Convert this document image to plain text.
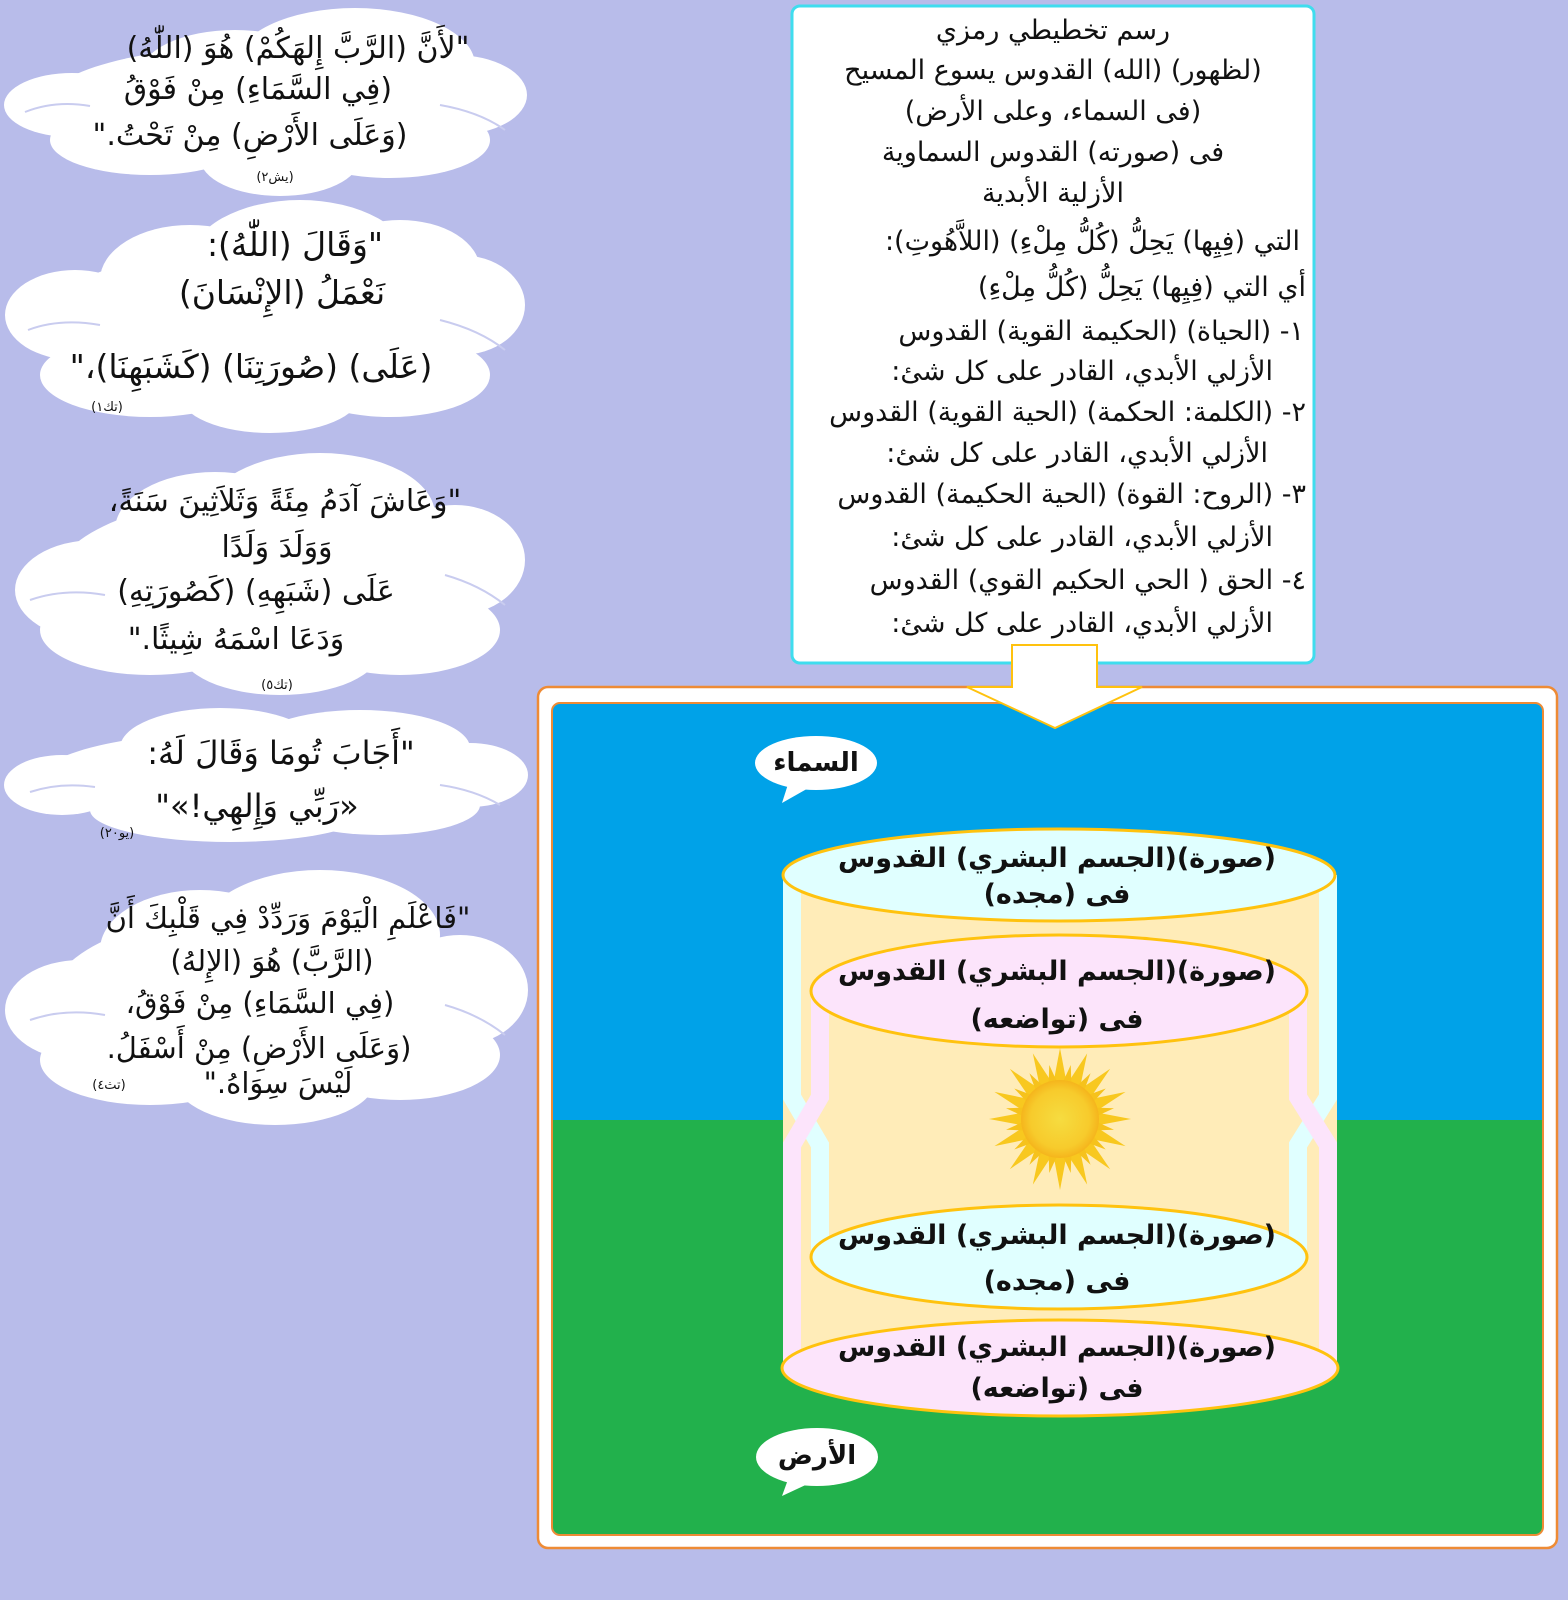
"لأَنَّ (الرَّبَّ إِلهَكُمْ) هُوَ (اللّٰهُ)
(فِي السَّمَاءِ) مِنْ فَوْقُ
(وَعَلَى الأَرْضِ) مِنْ تَحْتُ."
(يش٢)
"وَقَالَ (اللّٰهُ):
نَعْمَلُ (الإِنْسَانَ)
(عَلَى) (صُورَتِنَا) (كَشَبَهِنَا)،"
(تك١)
"وَعَاشَ آدَمُ مِئَةً وَثَلاَثِينَ سَنَةً،
وَوَلَدَ وَلَدًا
عَلَى (شَبَهِهِ) (كَصُورَتِهِ)
وَدَعَا اسْمَهُ شِيثًا."
(تك٥)
"أَجَابَ تُومَا وَقَالَ لَهُ:
«رَبِّي وَإِلهِي!»"
(يو٢٠)
"فَاعْلَمِ الْيَوْمَ وَرَدِّدْ فِي قَلْبِكَ أَنَّ
(الرَّبَّ) هُوَ (الإِلهُ)
(فِي السَّمَاءِ) مِنْ فَوْقُ،
(وَعَلَى الأَرْضِ) مِنْ أَسْفَلُ.
لَيْسَ سِوَاهُ."
(تث٤)
رسم تخطيطي رمزي
(لظهور) (الله) القدوس يسوع المسيح
(فى السماء، وعلى الأرض)
فى (صورته) القدوس السماوية
الأزلية الأبدية
التي (فِيِها) يَحِلُّ (كُلُّ مِلْءِ) (اللاَّهُوتِ):
أي التي (فِيِها) يَحِلُّ (كُلُّ مِلْءِ)
١- (الحياة) (الحكيمة القوية) القدوس
الأزلي الأبدي، القادر على كل شئ:
٢- (الكلمة: الحكمة) (الحية القوية) القدوس
الأزلي الأبدي، القادر على كل شئ:
٣- (الروح: القوة) (الحية الحكيمة) القدوس
الأزلي الأبدي، القادر على كل شئ:
٤- الحق ( الحي الحكيم القوي) القدوس
الأزلي الأبدي، القادر على كل شئ:
السماء
الأرض
(صورة)(الجسم البشري) القدوس
فى (مجده)
(صورة)(الجسم البشري) القدوس
فى (تواضعه)
(صورة)(الجسم البشري) القدوس
فى (مجده)
(صورة)(الجسم البشري) القدوس
فى (تواضعه)
